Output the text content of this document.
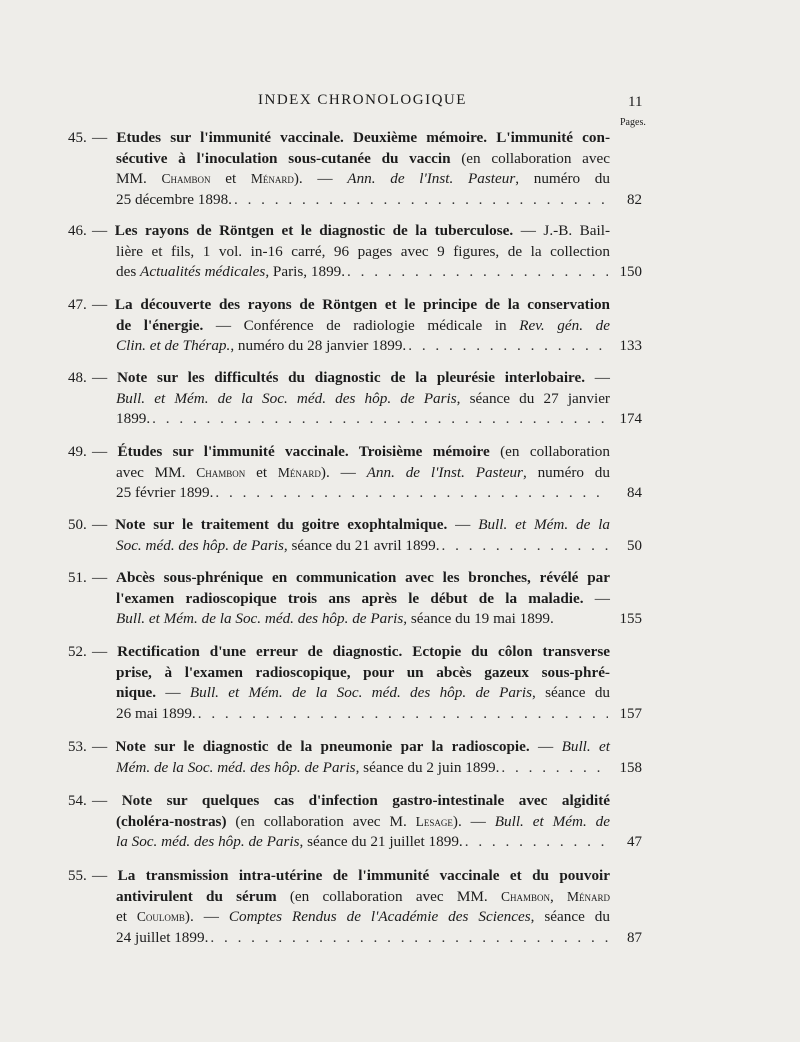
INDEX CHRONOLOGIQUE	11
Pages.
45. — Etudes sur l'immunité vaccinale. Deuxième mémoire. L'immunité con-
sécutive à l'inoculation sous-cutanée du vaccin (en collaboration avec
MM. Chambon et Ménard). — Ann. de l'Inst. Pasteur, numéro du
25 décembre 1898. . . .	82
46. — Les rayons de Röntgen et le diagnostic de la tuberculose. — J.-B. Bail-
lière et fils, 1 vol. in-16 carré, 96 pages avec 9 figures, de la collection
des Actualités médicales, Paris, 1899. . . .	150
47. — La découverte des rayons de Röntgen et le principe de la conservation
de l'énergie. — Conférence de radiologie médicale in Rev. gén. de
Clin. et de Thérap., numéro du 28 janvier 1899. . . .	133
48. — Note sur les difficultés du diagnostic de la pleurésie interlobaire. —
Bull. et Mém. de la Soc. méd. des hôp. de Paris, séance du 27 janvier
1899. . . .	174
49. — Études sur l'immunité vaccinale. Troisième mémoire (en collaboration
avec MM. Chambon et Ménard). — Ann. de l'Inst. Pasteur, numéro du
25 février 1899. . . .	84
50. — Note sur le traitement du goitre exophtalmique. — Bull. et Mém. de la
Soc. méd. des hôp. de Paris, séance du 21 avril 1899. . . .	50
51. — Abcès sous-phrénique en communication avec les bronches, révélé par
l'examen radioscopique trois ans après le début de la maladie. —
Bull. et Mém. de la Soc. méd. des hôp. de Paris, séance du 19 mai 1899.	155
52. — Rectification d'une erreur de diagnostic. Ectopie du côlon transverse
prise, à l'examen radioscopique, pour un abcès gazeux sous-phré-
nique. — Bull. et Mém. de la Soc. méd. des hôp. de Paris, séance du
26 mai 1899. . . .	157
53. — Note sur le diagnostic de la pneumonie par la radioscopie. — Bull. et
Mém. de la Soc. méd. des hôp. de Paris, séance du 2 juin 1899. . . .	158
54. — Note sur quelques cas d'infection gastro-intestinale avec algidité
(choléra-nostras) (en collaboration avec M. Lesage). — Bull. et Mém. de
la Soc. méd. des hôp. de Paris, séance du 21 juillet 1899. . . .	47
55. — La transmission intra-utérine de l'immunité vaccinale et du pouvoir
antivirulent du sérum (en collaboration avec MM. Chambon, Ménard
et Coulomb). — Comptes Rendus de l'Académie des Sciences, séance du
24 juillet 1899. . . .	87
